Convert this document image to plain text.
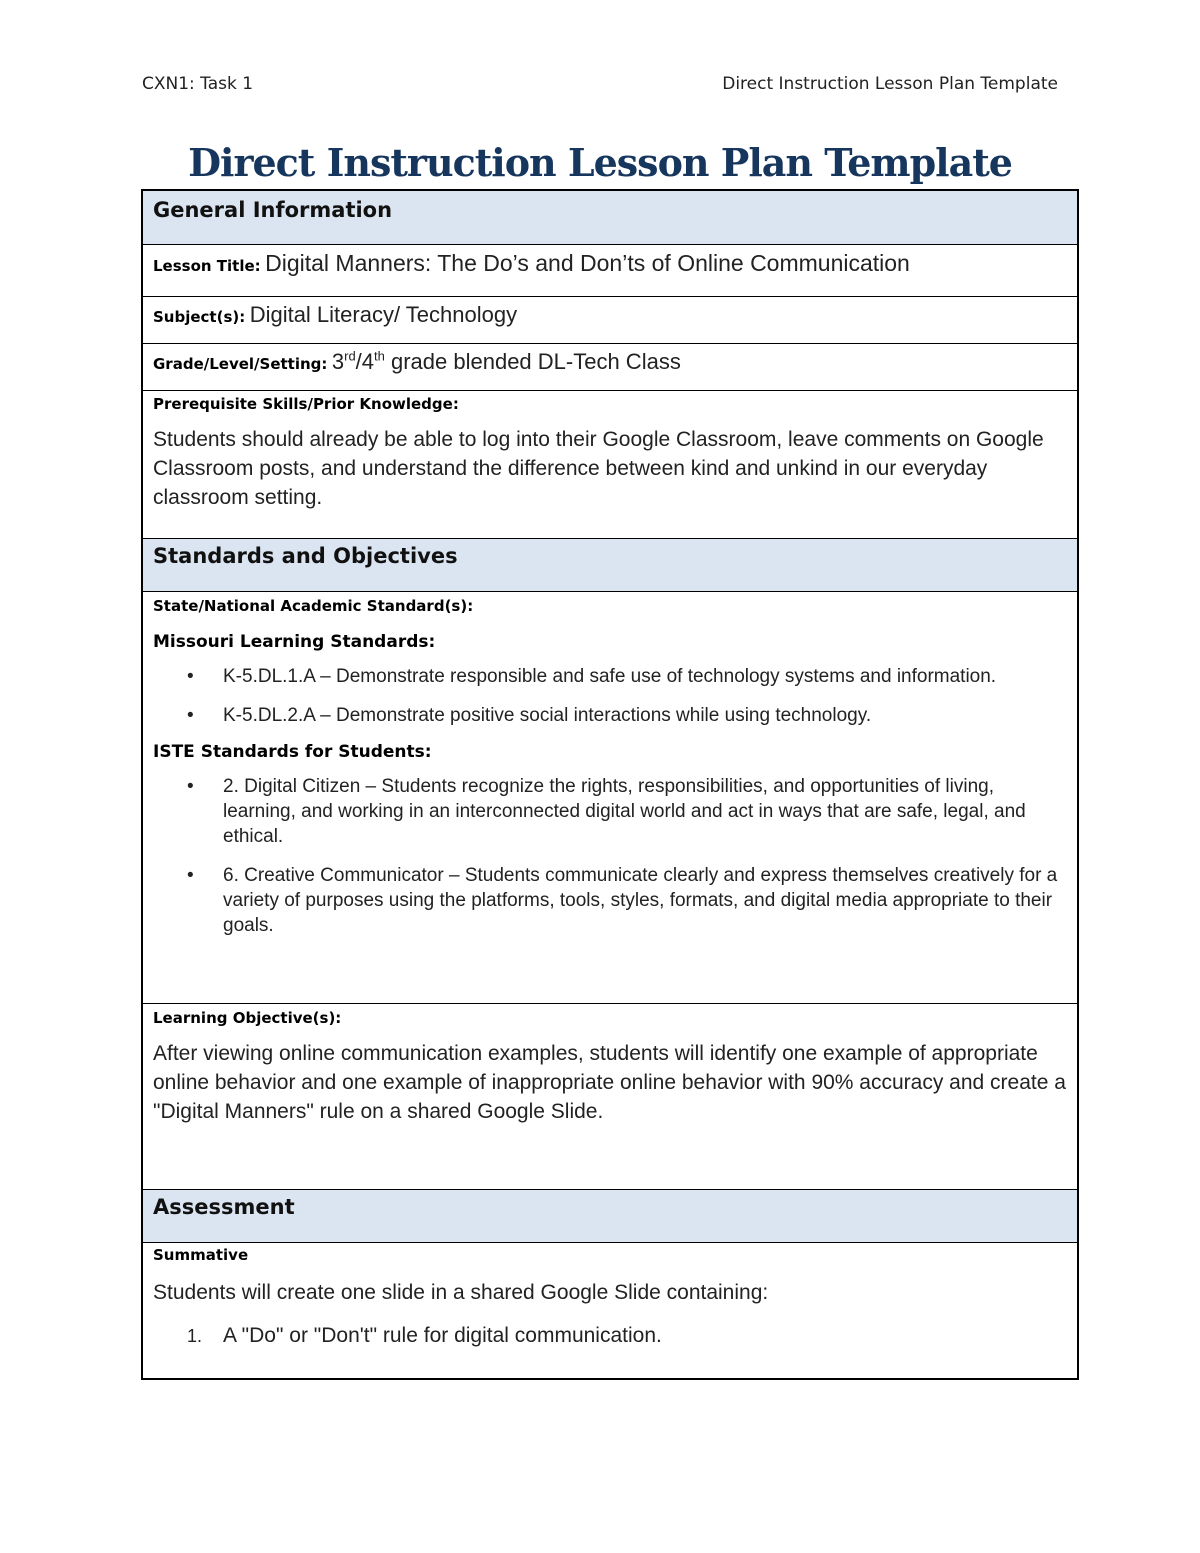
CXN1: Task 1	Direct Instruction Lesson Plan Template
Direct Instruction Lesson Plan Template
General Information
Lesson Title: Digital Manners: The Do’s and Don’ts of Online Communication
Subject(s): Digital Literacy/ Technology
Grade/Level/Setting: 3rd/4th grade blended DL-Tech Class
Prerequisite Skills/Prior Knowledge:
Students should already be able to log into their Google Classroom, leave comments on Google Classroom posts, and understand the difference between kind and unkind in our everyday classroom setting.
Standards and Objectives
State/National Academic Standard(s):
Missouri Learning Standards:
• K-5.DL.1.A – Demonstrate responsible and safe use of technology systems and information.
• K-5.DL.2.A – Demonstrate positive social interactions while using technology.
ISTE Standards for Students:
• 2. Digital Citizen – Students recognize the rights, responsibilities, and opportunities of living, learning, and working in an interconnected digital world and act in ways that are safe, legal, and ethical.
• 6. Creative Communicator – Students communicate clearly and express themselves creatively for a variety of purposes using the platforms, tools, styles, formats, and digital media appropriate to their goals.
Learning Objective(s):
After viewing online communication examples, students will identify one example of appropriate online behavior and one example of inappropriate online behavior with 90% accuracy and create a "Digital Manners" rule on a shared Google Slide.
Assessment
Summative
Students will create one slide in a shared Google Slide containing:
1. A "Do" or "Don't" rule for digital communication.
